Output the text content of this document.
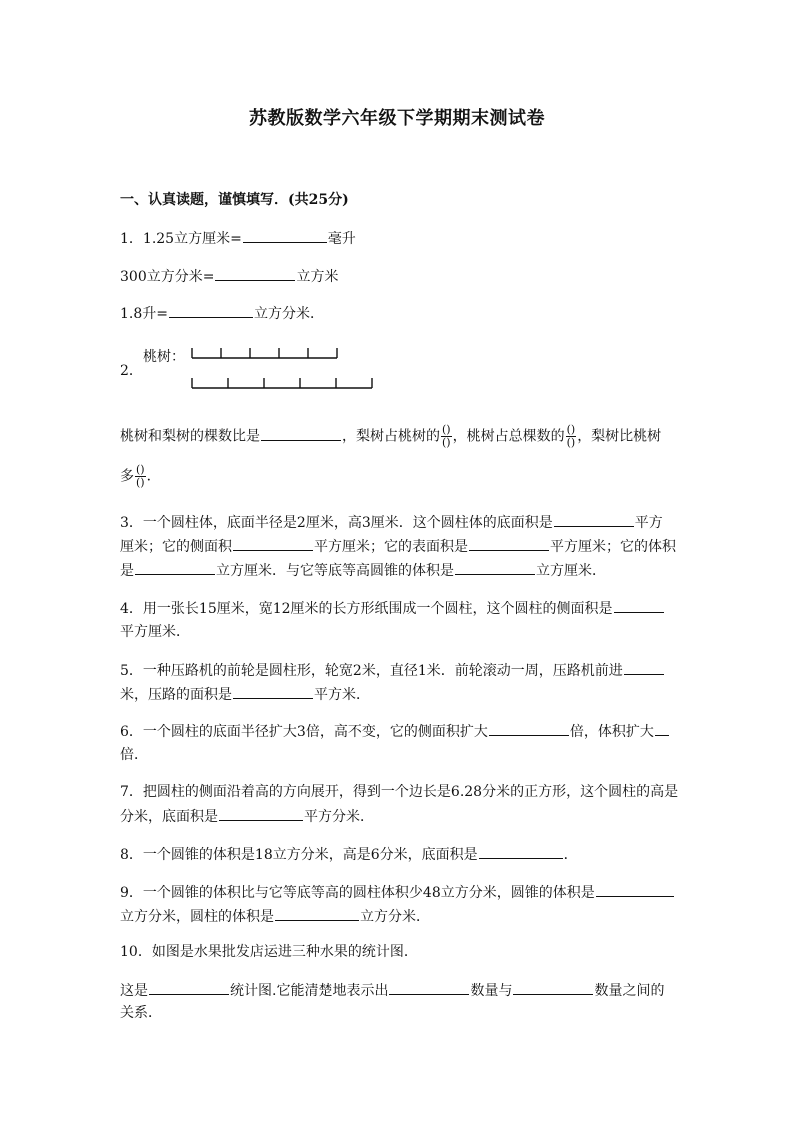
苏教版数学六年级下学期期末测试卷
一、认真读题，谨慎填写．(共25分)
1．1.25立方厘米=	毫升
300立方分米=	立方米
1.8升=	立方分米．
2．
桃树：
桃树和梨树的棵数比是	，梨树占桃树的 $\frac{()}{()}$ ，桃树占总棵数的 $\frac{()}{()}$ ，梨树比桃树
多 $\frac{()}{()}$ ．
3．一个圆柱体，底面半径是2厘米，高3厘米．这个圆柱体的底面积是	平方
厘米；它的侧面积	平方厘米；它的表面积是	平方厘米；它的体积
是	立方厘米．与它等底等高圆锥的体积是	立方厘米．
4．用一张长15厘米，宽12厘米的长方形纸围成一个圆柱，这个圆柱的侧面积是
平方厘米．
5．一种压路机的前轮是圆柱形，轮宽2米，直径1米．前轮滚动一周，压路机前进
米，压路的面积是	平方米．
6．一个圆柱的底面半径扩大3倍，高不变，它的侧面积扩大	倍，体积扩大
倍．
7．把圆柱的侧面沿着高的方向展开，得到一个边长是6.28分米的正方形，这个圆柱的高是
分米，底面积是	平方分米．
8．一个圆锥的体积是18立方分米，高是6分米，底面积是	．
9．一个圆锥的体积比与它等底等高的圆柱体积少48立方分米，圆锥的体积是
立方分米，圆柱的体积是	立方分米．
10．如图是水果批发店运进三种水果的统计图．
这是	统计图.它能清楚地表示出	数量与	数量之间的
关系．
